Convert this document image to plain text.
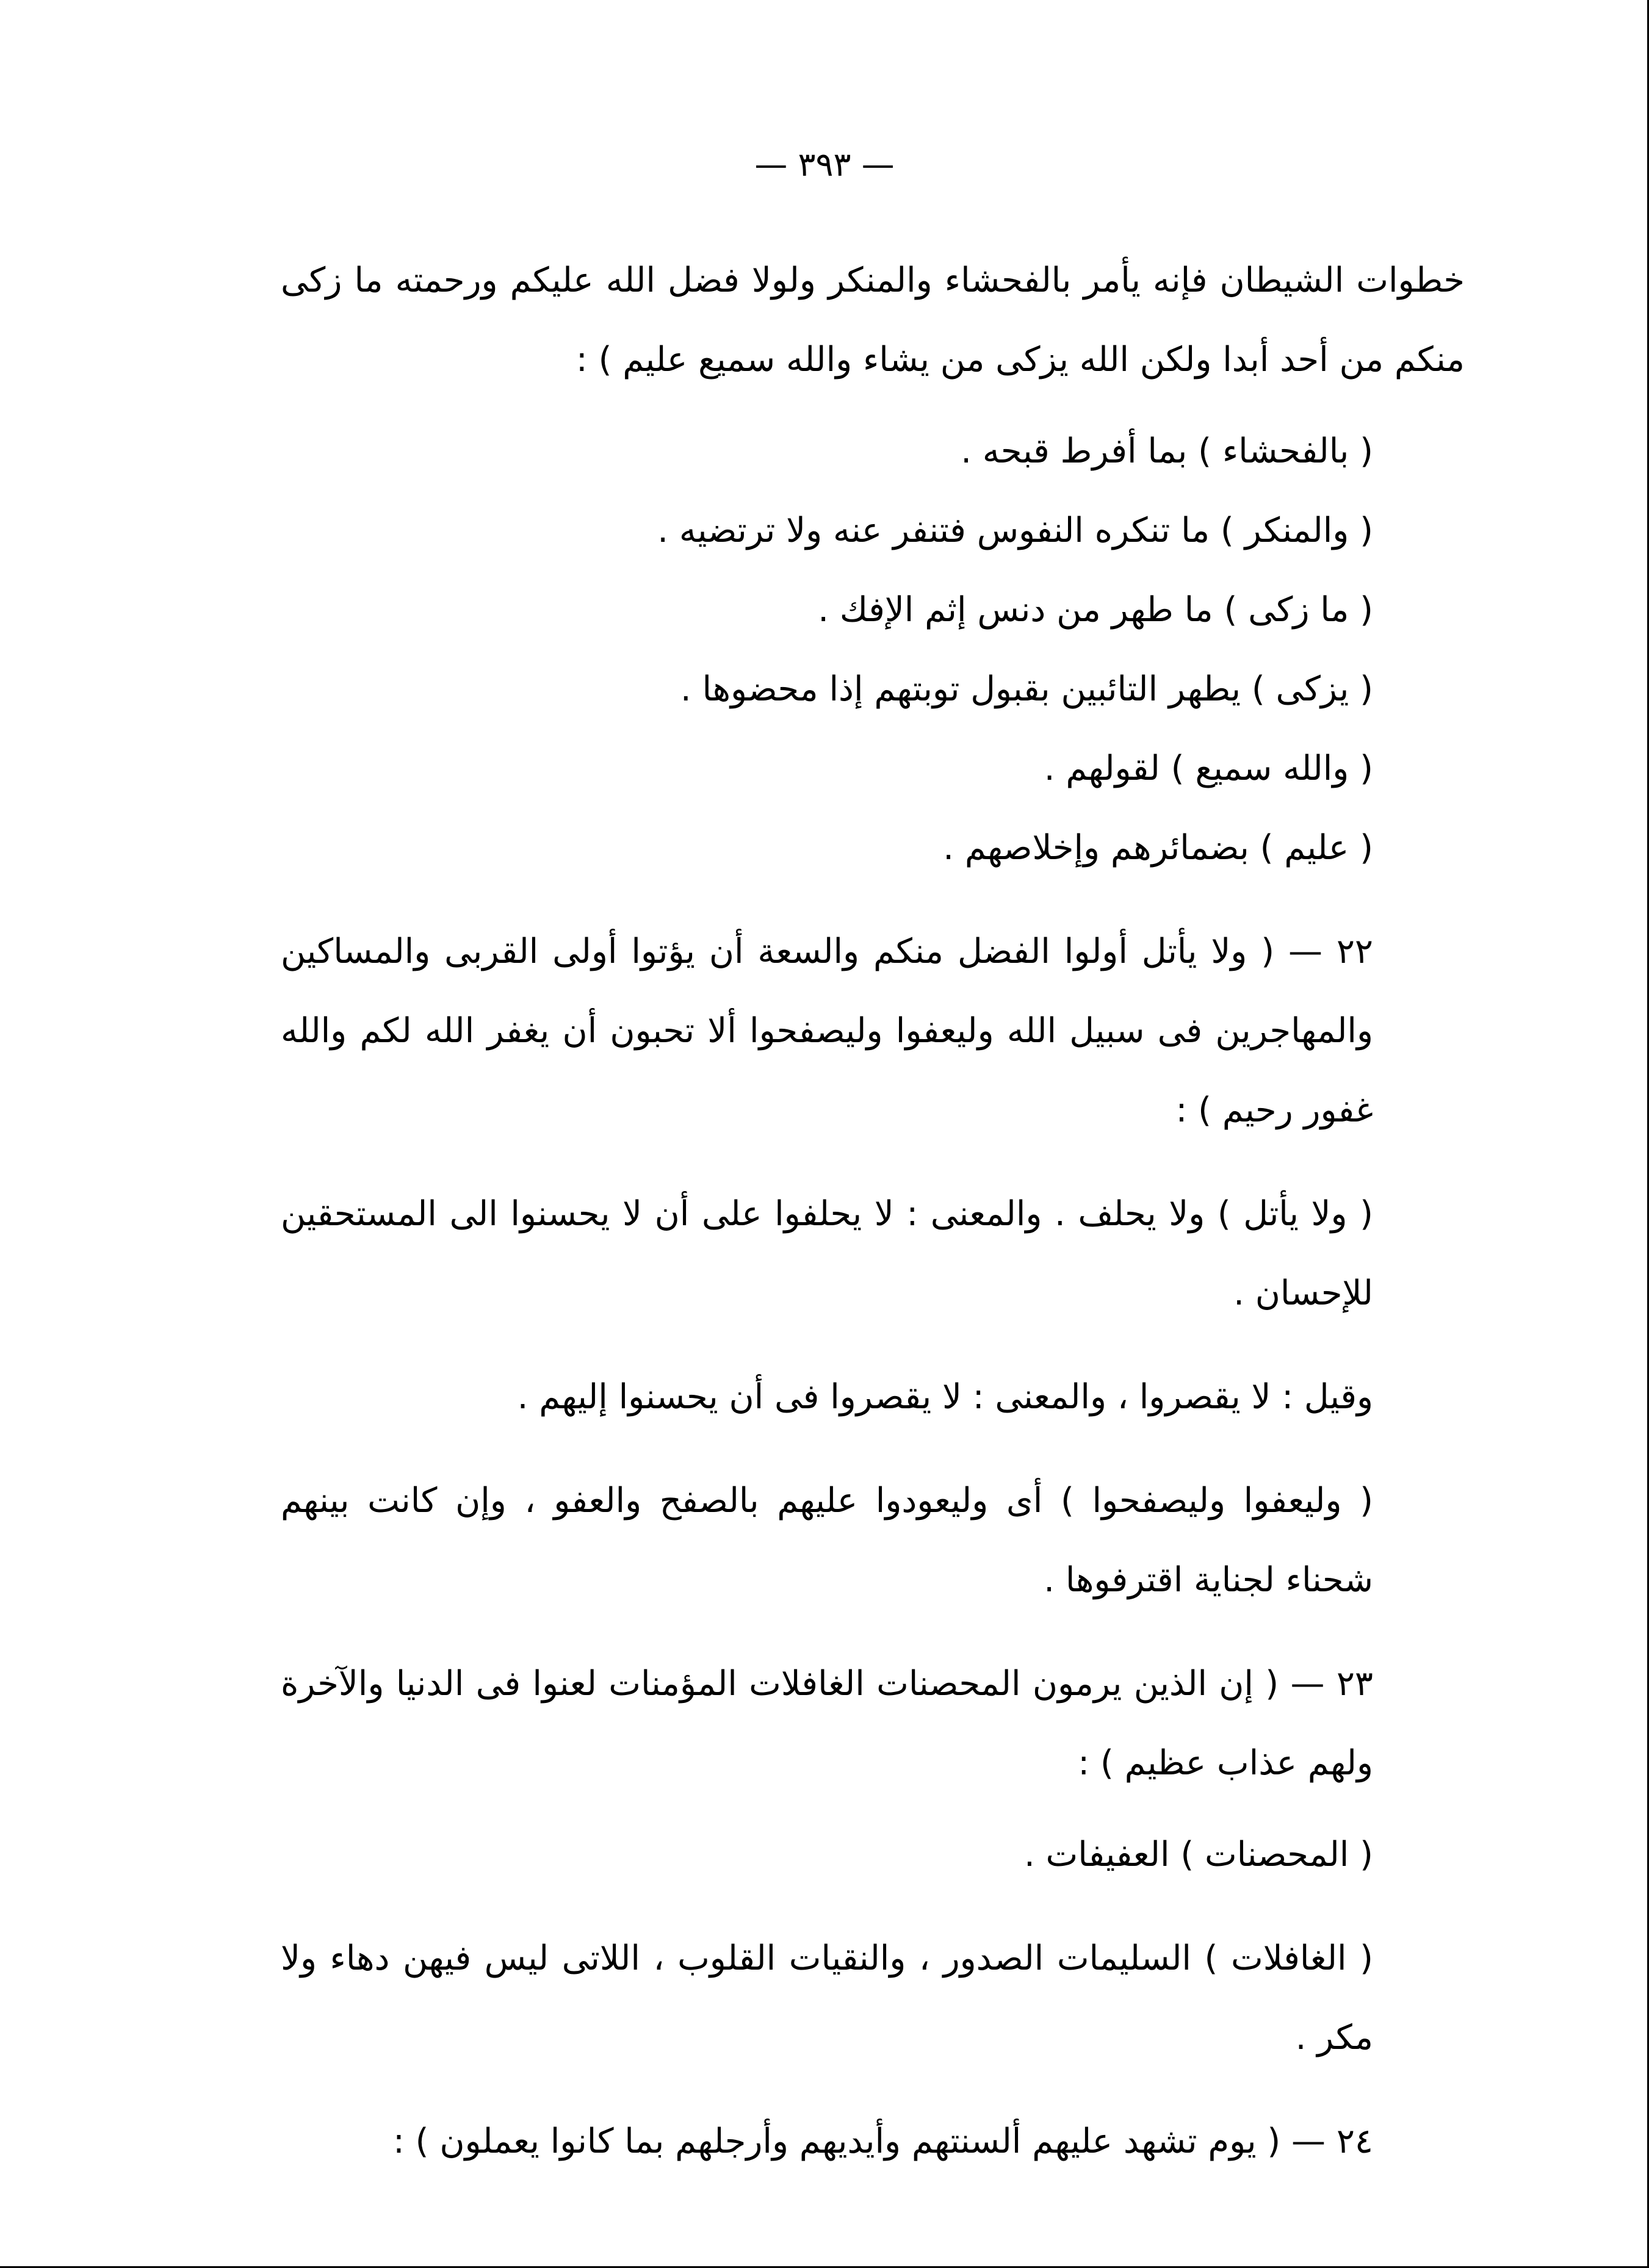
— ٣٩٣ —

خطوات الشيطان فإنه يأمر بالفحشاء والمنكر ولولا فضل الله عليكم ورحمته ما زكى منكم من أحد أبدا ولكن الله يزكى من يشاء والله سميع عليم ) :

( بالفحشاء ) بما أفرط قبحه .

( والمنكر ) ما تنكره النفوس فتنفر عنه ولا ترتضيه .

( ما زكى ) ما طهر من دنس إثم الإفك .

( يزكى ) يطهر التائبين بقبول توبتهم إذا محضوها .

( والله سميع ) لقولهم .

( عليم ) بضمائرهم وإخلاصهم .

٢٢ — ( ولا يأتل أولوا الفضل منكم والسعة أن يؤتوا أولى القربى والمساكين والمهاجرين فى سبيل الله وليعفوا وليصفحوا ألا تحبون أن يغفر الله لكم والله غفور رحيم ) :

( ولا يأتل ) ولا يحلف . والمعنى : لا يحلفوا على أن لا يحسنوا الى المستحقين للإحسان .

وقيل : لا يقصروا ، والمعنى : لا يقصروا فى أن يحسنوا إليهم .

( وليعفوا وليصفحوا ) أى وليعودوا عليهم بالصفح والعفو ، وإن كانت بينهم شحناء لجناية اقترفوها .

٢٣ — ( إن الذين يرمون المحصنات الغافلات المؤمنات لعنوا فى الدنيا والآخرة ولهم عذاب عظيم ) :

( المحصنات ) العفيفات .

( الغافلات ) السليمات الصدور ، والنقيات القلوب ، اللاتى ليس فيهن دهاء ولا مكر .

٢٤ — ( يوم تشهد عليهم ألسنتهم وأيديهم وأرجلهم بما كانوا يعملون ) :
